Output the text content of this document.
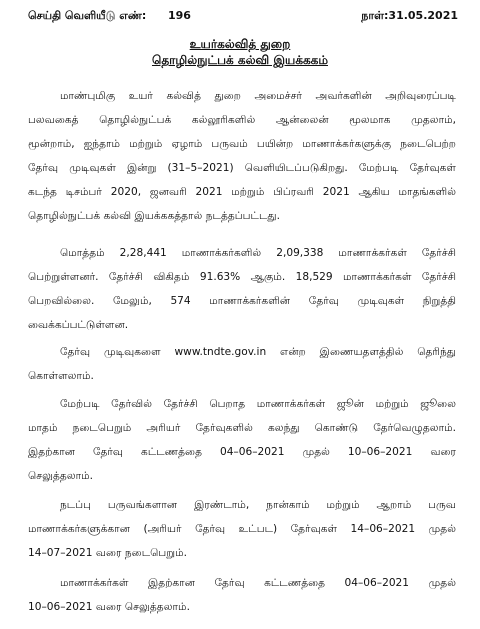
செய்தி வெளியீடு எண்: 196	நாள்:31.05.2021
உயர்கல்வித் துறை
தொழில்நுட்பக் கல்வி இயக்ககம்
மாண்புமிகு உயர் கல்வித் துறை அமைச்சர் அவர்களின் அறிவுரைப்படி
பலவகைத் தொழில்நுட்பக் கல்லூரிகளில் ஆன்லைன் மூலமாக முதலாம்,
மூன்றாம், ஐந்தாம் மற்றும் ஏழாம் பருவம் பயின்ற மாணாக்கர்களுக்கு நடைபெற்ற
தேர்வு முடிவுகள் இன்று (31–5–2021) வெளியிடப்படுகிறது. மேற்படி தேர்வுகள்
கடந்த டிசம்பர் 2020, ஜனவரி 2021 மற்றும் பிப்ரவரி 2021 ஆகிய மாதங்களில்
தொழில்நுட்பக் கல்வி இயக்ககத்தால் நடத்தப்பட்டது.
மொத்தம் 2,28,441 மாணாக்கர்களில் 2,09,338 மாணாக்கர்கள் தேர்ச்சி
பெற்றுள்ளனர். தேர்ச்சி விகிதம் 91.63% ஆகும். 18,529 மாணாக்கர்கள் தேர்ச்சி
பெறவில்லை. மேலும், 574 மாணாக்கர்களின் தேர்வு முடிவுகள் நிறுத்தி
வைக்கப்பட்டுள்ளன.
தேர்வு முடிவுகளை www.tndte.gov.in என்ற இணையதளத்தில் தெரிந்து
கொள்ளலாம்.
மேற்படி தேர்வில் தேர்ச்சி பெறாத மாணாக்கர்கள் ஜூன் மற்றும் ஜூலை
மாதம் நடைபெறும் அரியர் தேர்வுகளில் கலந்து கொண்டு தேர்வெழுதலாம்.
இதற்கான தேர்வு கட்டணத்தை 04–06–2021 முதல் 10–06–2021 வரை
செலுத்தலாம்.
நடப்பு பருவங்களான இரண்டாம், நான்காம் மற்றும் ஆறாம் பருவ
மாணாக்கர்களுக்கான (அரியர் தேர்வு உட்பட) தேர்வுகள் 14–06–2021 முதல்
14–07–2021 வரை நடைபெறும்.
மாணாக்கர்கள் இதற்கான தேர்வு கட்டணத்தை 04–06–2021 முதல்
10–06–2021 வரை செலுத்தலாம்.
